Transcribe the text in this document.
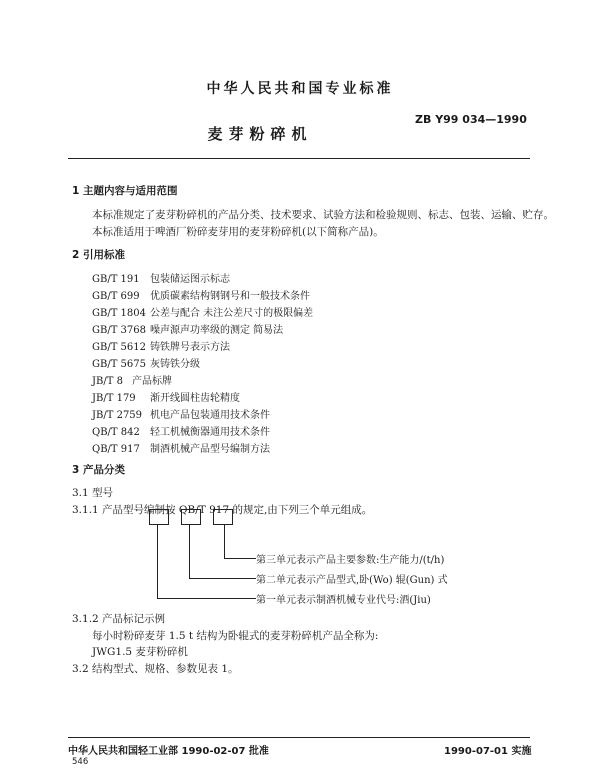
中华人民共和国专业标准
ZB Y99 034—1990
麦芽粉碎机
1 主题内容与适用范围
本标准规定了麦芽粉碎机的产品分类、技术要求、试验方法和检验规则、标志、包装、运输、贮存。
本标准适用于啤酒厂粉碎麦芽用的麦芽粉碎机(以下简称产品)。
2 引用标准
GB/T 191 包装储运图示标志
GB/T 699 优质碳素结构钢钢号和一般技术条件
GB/T 1804 公差与配合 未注公差尺寸的极限偏差
GB/T 3768 噪声源声功率级的测定 简易法
GB/T 5612 铸铁牌号表示方法
GB/T 5675 灰铸铁分级
JB/T 8 产品标牌
JB/T 179 渐开线圆柱齿轮精度
JB/T 2759 机电产品包装通用技术条件
QB/T 842 轻工机械衡器通用技术条件
QB/T 917 制酒机械产品型号编制方法
3 产品分类
3.1 型号
3.1.1 产品型号编制按 QB/T 917 的规定,由下列三个单元组成。
第三单元表示产品主要参数:生产能力/(t/h)
第二单元表示产品型式,卧(Wo) 辊(Gun) 式
第一单元表示制酒机械专业代号:酒(Jiu)
3.1.2 产品标记示例
每小时粉碎麦芽 1.5 t 结构为卧辊式的麦芽粉碎机产品全称为:
JWG1.5 麦芽粉碎机
3.2 结构型式、规格、参数见表 1。
中华人民共和国轻工业部 1990-02-07 批准	1990-07-01 实施
546
